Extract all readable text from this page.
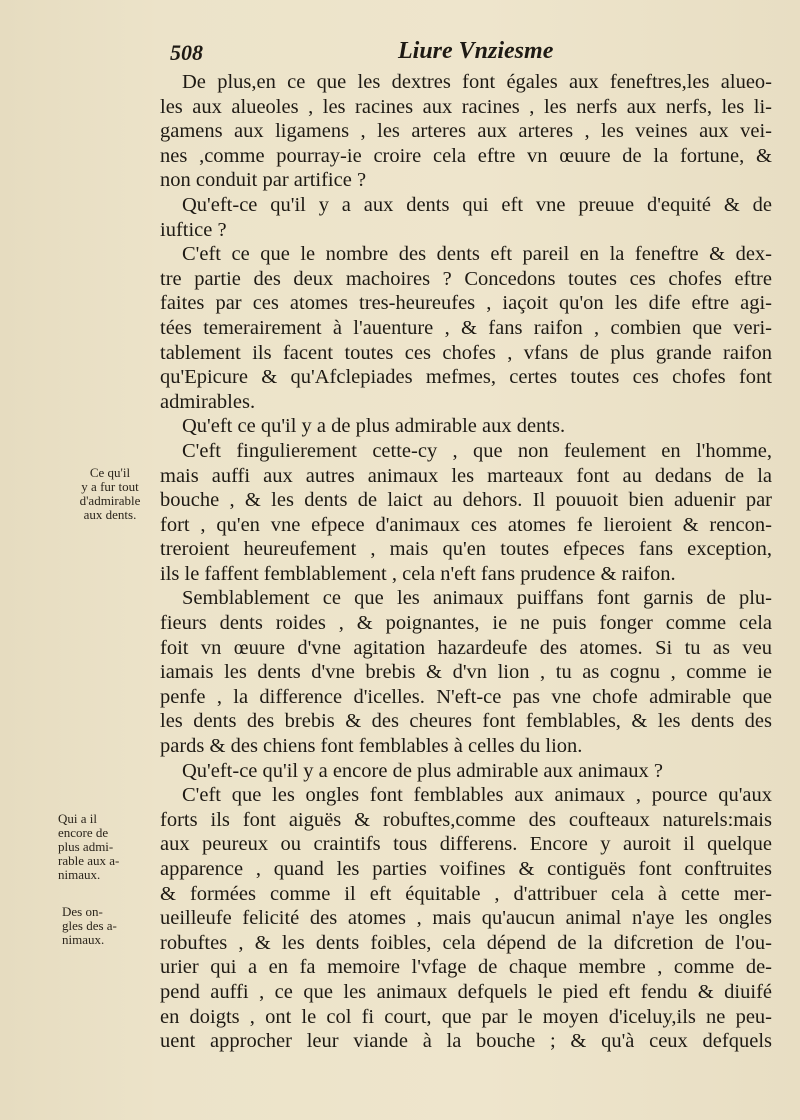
508	Liure Vnziesme
De plus,en ce que les dextres font égales aux feneftres,les alueo-
les aux alueoles , les racines aux racines , les nerfs aux nerfs, les li-
gamens aux ligamens , les arteres aux arteres , les veines aux vei-
nes ,comme pourray-ie croire cela eftre vn œuure de la fortune, &
non conduit par artifice ?
Qu'eft-ce qu'il y a aux dents qui eft vne preuue d'equité & de
iuftice ?
C'eft ce que le nombre des dents eft pareil en la feneftre & dex-
tre partie des deux machoires ? Concedons toutes ces chofes eftre
faites par ces atomes tres-heureufes , iaçoit qu'on les dife eftre agi-
tées temerairement à l'auenture , & fans raifon , combien que veri-
tablement ils facent toutes ces chofes , vfans de plus grande raifon
qu'Epicure & qu'Afclepiades mefmes, certes toutes ces chofes font
admirables.
Qu'eft ce qu'il y a de plus admirable aux dents.
C'eft fingulierement cette-cy , que non feulement en l'homme,
mais auffi aux autres animaux les marteaux font au dedans de la
bouche , & les dents de laict au dehors. Il pouuoit bien aduenir par
fort , qu'en vne efpece d'animaux ces atomes fe lieroient & rencon-
treroient heureufement , mais qu'en toutes efpeces fans exception,
ils le faffent femblablement , cela n'eft fans prudence & raifon.
Semblablement ce que les animaux puiffans font garnis de plu-
fieurs dents roides , & poignantes, ie ne puis fonger comme cela
foit vn œuure d'vne agitation hazardeufe des atomes. Si tu as veu
iamais les dents d'vne brebis & d'vn lion , tu as cognu , comme ie
penfe , la difference d'icelles. N'eft-ce pas vne chofe admirable que
les dents des brebis & des cheures font femblables, & les dents des
pards & des chiens font femblables à celles du lion.
Qu'eft-ce qu'il y a encore de plus admirable aux animaux ?
C'eft que les ongles font femblables aux animaux , pource qu'aux
forts ils font aiguës & robuftes,comme des coufteaux naturels:mais
aux peureux ou craintifs tous differens. Encore y auroit il quelque
apparence , quand les parties voifines & contiguës font conftruites
& formées comme il eft équitable , d'attribuer cela à cette mer-
ueilleufe felicité des atomes , mais qu'aucun animal n'aye les ongles
robuftes , & les dents foibles, cela dépend de la difcretion de l'ou-
urier qui a en fa memoire l'vfage de chaque membre , comme de-
pend auffi , ce que les animaux defquels le pied eft fendu & diuifé
en doigts , ont le col fi court, que par le moyen d'iceluy,ils ne peu-
uent approcher leur viande à la bouche ; & qu'à ceux defquels
Ce qu'il
y a fur tout
d'admirable
aux dents.
Qui a il
encore de
plus admi-
rable aux a-
nimaux.
Des on-
gles des a-
nimaux.
